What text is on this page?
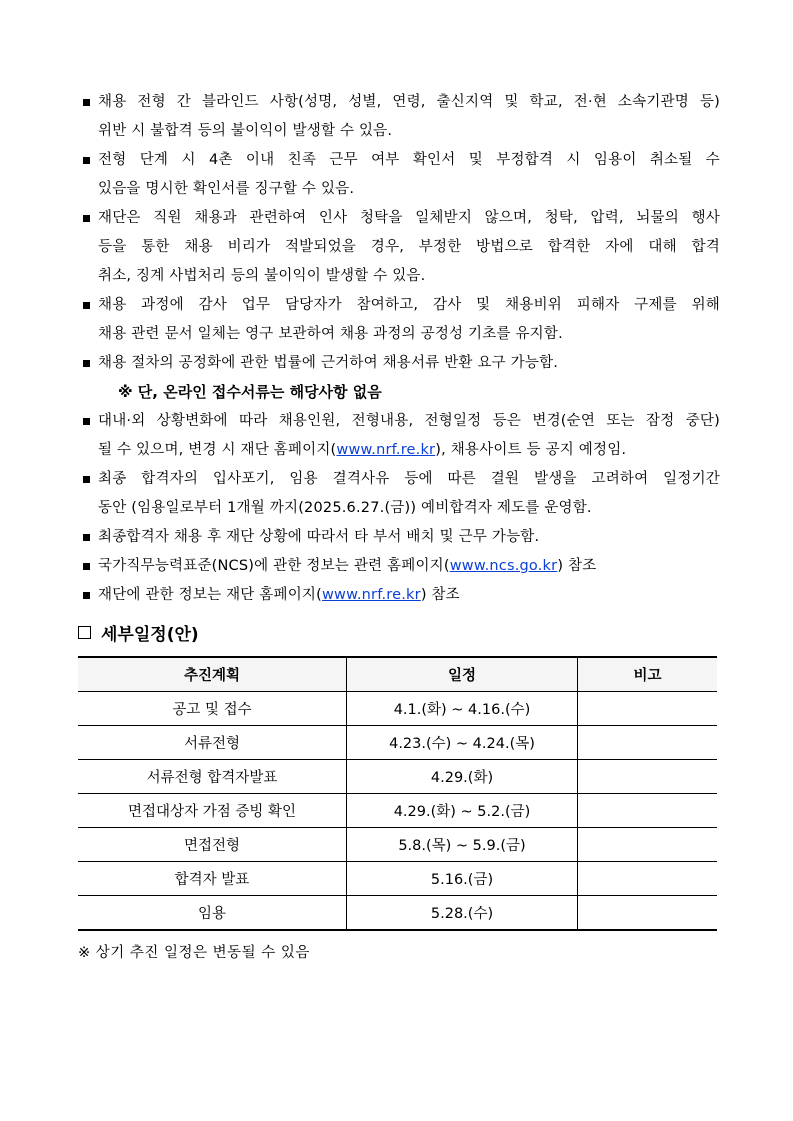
채용 전형 간 블라인드 사항(성명, 성별, 연령, 출신지역 및 학교, 전·현 소속기관명 등)
위반 시 불합격 등의 불이익이 발생할 수 있음.
전형 단계 시 4촌 이내 친족 근무 여부 확인서 및 부정합격 시 임용이 취소될 수
있음을 명시한 확인서를 징구할 수 있음.
재단은 직원 채용과 관련하여 인사 청탁을 일체받지 않으며, 청탁, 압력, 뇌물의 행사
등을 통한 채용 비리가 적발되었을 경우, 부정한 방법으로 합격한 자에 대해 합격
취소, 징계 사법처리 등의 불이익이 발생할 수 있음.
채용 과정에 감사 업무 담당자가 참여하고, 감사 및 채용비위 피해자 구제를 위해
채용 관련 문서 일체는 영구 보관하여 채용 과정의 공정성 기초를 유지함.
채용 절차의 공정화에 관한 법률에 근거하여 채용서류 반환 요구 가능함.
※ 단, 온라인 접수서류는 해당사항 없음
대내·외 상황변화에 따라 채용인원, 전형내용, 전형일정 등은 변경(순연 또는 잠정 중단)
될 수 있으며, 변경 시 재단 홈페이지(www.nrf.re.kr), 채용사이트 등 공지 예정임.
최종 합격자의 입사포기, 임용 결격사유 등에 따른 결원 발생을 고려하여 일정기간
동안 (임용일로부터 1개월 까지(2025.6.27.(금)) 예비합격자 제도를 운영함.
최종합격자 채용 후 재단 상황에 따라서 타 부서 배치 및 근무 가능함.
국가직무능력표준(NCS)에 관한 정보는 관련 홈페이지(www.ncs.go.kr) 참조
재단에 관한 정보는 재단 홈페이지(www.nrf.re.kr) 참조
세부일정(안)
추진계획	일정	비고
공고 및 접수	4.1.(화) ~ 4.16.(수)	
서류전형	4.23.(수) ~ 4.24.(목)	
서류전형 합격자발표	4.29.(화)	
면접대상자 가점 증빙 확인	4.29.(화) ~ 5.2.(금)	
면접전형	5.8.(목) ~ 5.9.(금)	
합격자 발표	5.16.(금)	
임용	5.28.(수)	
※ 상기 추진 일정은 변동될 수 있음
